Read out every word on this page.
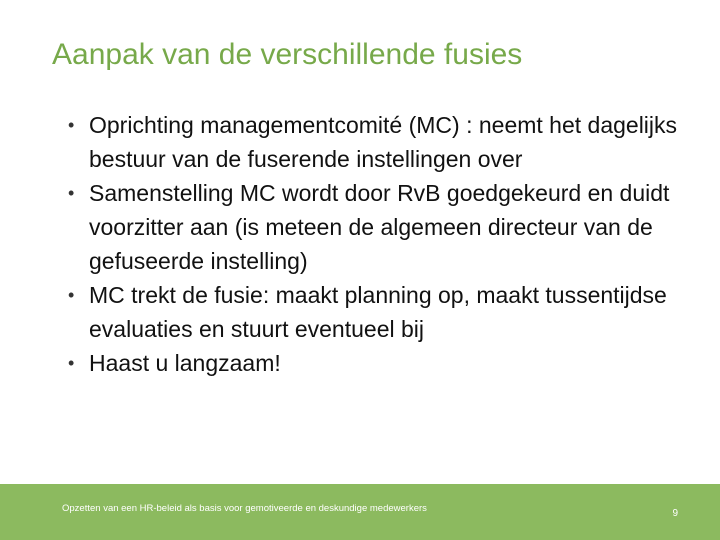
Aanpak van de verschillende fusies
• Oprichting managementcomité (MC) : neemt het dagelijks bestuur van de fuserende instellingen over
• Samenstelling MC wordt door RvB goedgekeurd en duidt voorzitter aan (is meteen de algemeen directeur van de gefuseerde instelling)
• MC trekt de fusie: maakt planning op, maakt tussentijdse evaluaties en stuurt eventueel bij
• Haast u langzaam!
Opzetten van een HR-beleid als basis voor gemotiveerde en deskundige medewerkers	9
